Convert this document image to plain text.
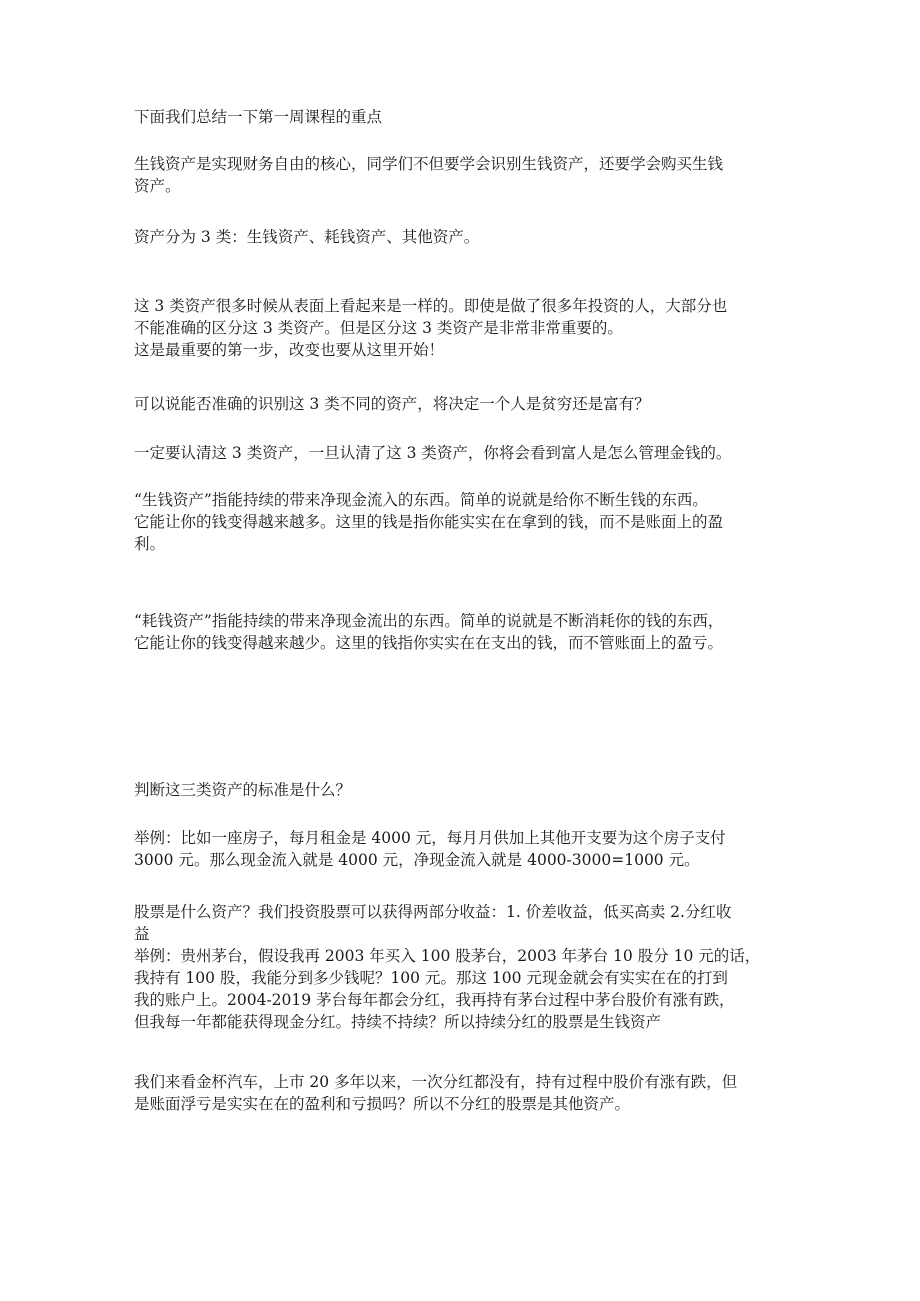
下面我们总结一下第一周课程的重点
生钱资产是实现财务自由的核心，同学们不但要学会识别生钱资产，还要学会购买生钱
资产。
资产分为 3 类：生钱资产、耗钱资产、其他资产。
这 3 类资产很多时候从表面上看起来是一样的。即使是做了很多年投资的人，大部分也
不能准确的区分这 3 类资产。但是区分这 3 类资产是非常非常重要的。
这是最重要的第一步，改变也要从这里开始！
可以说能否准确的识别这 3 类不同的资产，将决定一个人是贫穷还是富有？
一定要认清这 3 类资产，一旦认清了这 3 类资产，你将会看到富人是怎么管理金钱的。
“生钱资产”指能持续的带来净现金流入的东西。简单的说就是给你不断生钱的东西。
它能让你的钱变得越来越多。这里的钱是指你能实实在在拿到的钱，而不是账面上的盈
利。
“耗钱资产”指能持续的带来净现金流出的东西。简单的说就是不断消耗你的钱的东西，
它能让你的钱变得越来越少。这里的钱指你实实在在支出的钱，而不管账面上的盈亏。
判断这三类资产的标准是什么？
举例：比如一座房子，每月租金是 4000 元，每月月供加上其他开支要为这个房子支付
3000 元。那么现金流入就是 4000 元，净现金流入就是 4000-3000=1000 元。
股票是什么资产？我们投资股票可以获得两部分收益：1. 价差收益，低买高卖 2.分红收
益
举例：贵州茅台，假设我再 2003 年买入 100 股茅台，2003 年茅台 10 股分 10 元的话，
我持有 100 股，我能分到多少钱呢？100 元。那这 100 元现金就会有实实在在的打到
我的账户上。2004-2019 茅台每年都会分红，我再持有茅台过程中茅台股价有涨有跌，
但我每一年都能获得现金分红。持续不持续？所以持续分红的股票是生钱资产
我们来看金杯汽车，上市 20 多年以来，一次分红都没有，持有过程中股价有涨有跌，但
是账面浮亏是实实在在的盈利和亏损吗？所以不分红的股票是其他资产。
